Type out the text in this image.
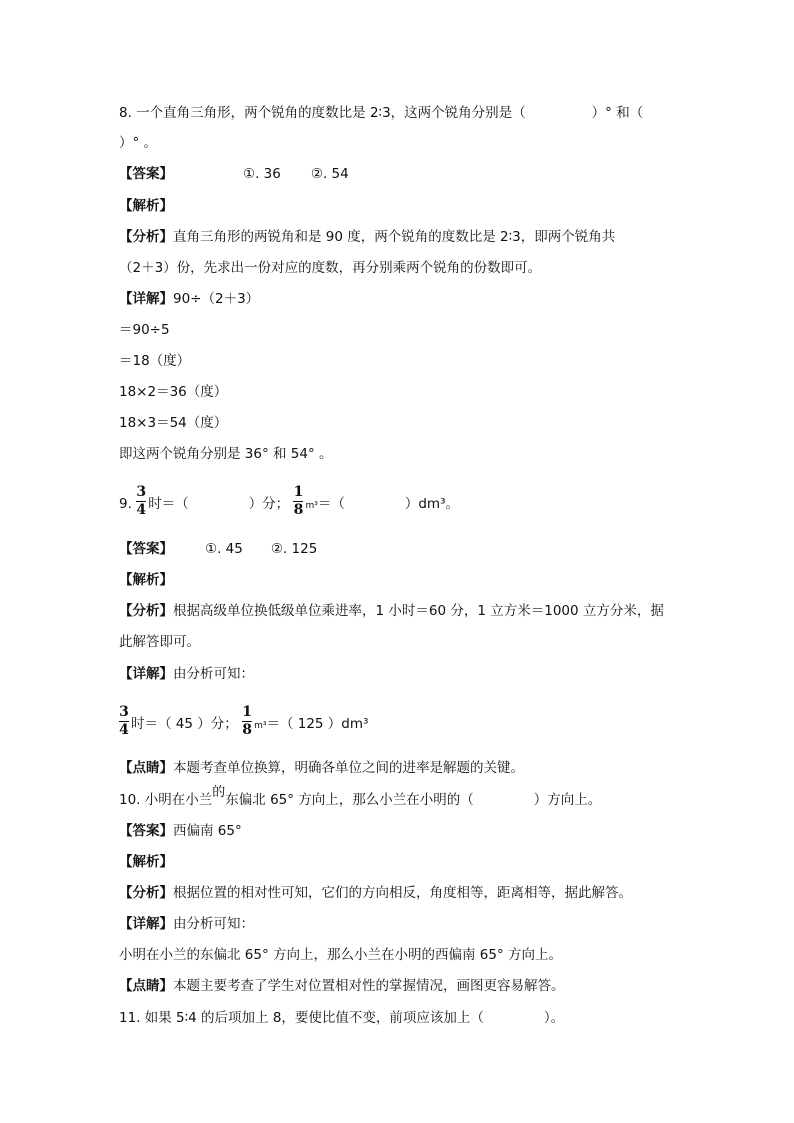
8. 一个直角三角形，两个锐角的度数比是 2∶3，这两个锐角分别是（	）° 和（
）° 。
【答案】	①. 36 ②. 54
【解析】
【分析】直角三角形的两锐角和是 90 度，两个锐角的度数比是 2∶3，即两个锐角共
（2＋3）份，先求出一份对应的度数，再分别乘两个锐角的份数即可。
【详解】90÷（2＋3）
＝90÷5
＝18（度）
18×2＝36（度）
18×3＝54（度）
即这两个锐角分别是 36° 和 54° 。
9. $\frac{3}{4}$ 时＝（	）分； $\frac{1}{8} m^3=$（	）dm³。
【答案】 ①. 45 ②. 125
【解析】
【分析】根据高级单位换低级单位乘进率，1 小时＝60 分，1 立方米＝1000 立方分米，据
此解答即可。
【详解】由分析可知：
$\frac{3}{4}$ 时＝（ 45 ）分； $\frac{1}{8} m^3=$（ 125 ）dm³
【点睛】本题考查单位换算，明确各单位之间的进率是解题的关键。
10. 小明在小兰的东偏北 65° 方向上，那么小兰在小明的（	）方向上。
【答案】西偏南 65°
【解析】
【分析】根据位置的相对性可知，它们的方向相反，角度相等，距离相等，据此解答。
【详解】由分析可知：
小明在小兰的东偏北 65° 方向上，那么小兰在小明的西偏南 65° 方向上。
【点睛】本题主要考查了学生对位置相对性的掌握情况，画图更容易解答。
11. 如果 5∶4 的后项加上 8，要使比值不变，前项应该加上（	）。
